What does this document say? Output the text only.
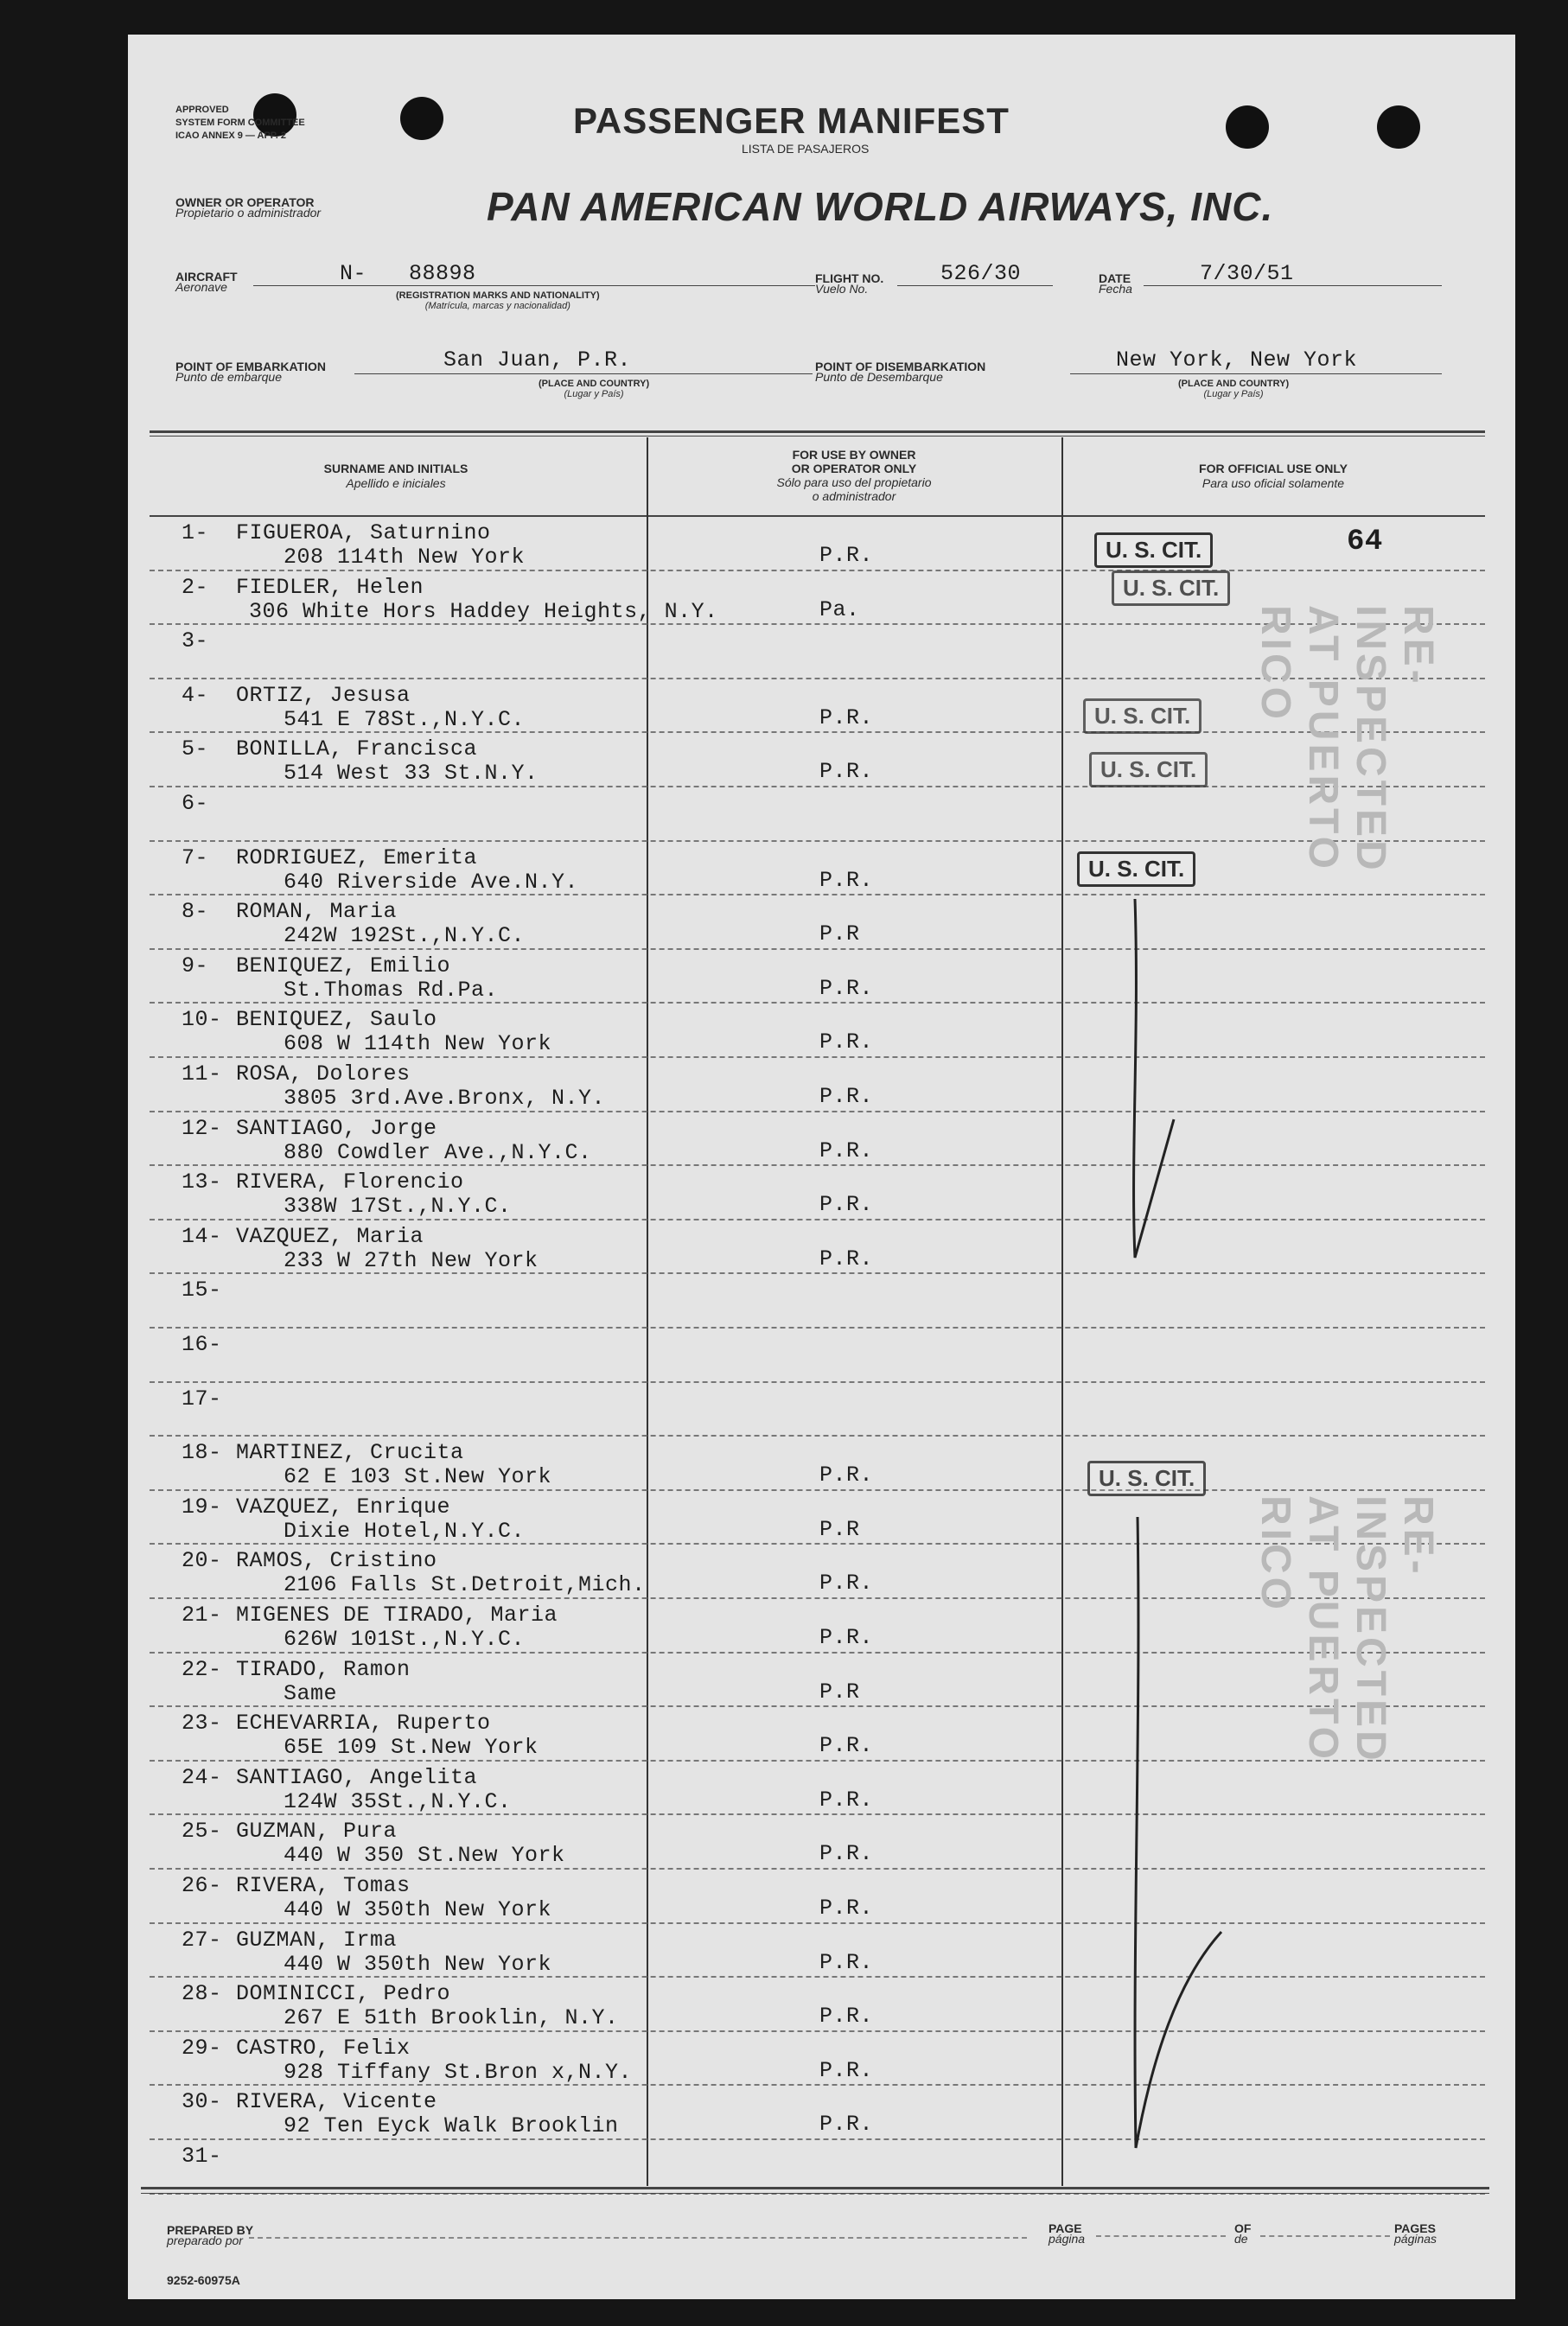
APPROVED
SYSTEM FORM COMMITTEE
ICAO ANNEX 9 — APP. 2	PASSENGER MANIFEST
LISTA DE PASAJEROS
OWNER OR OPERATOR
Propietario o administrador	PAN AMERICAN WORLD AIRWAYS, INC.
AIRCRAFT
Aeronave
N- 88898
(REGISTRATION MARKS AND NATIONALITY)
(Matrícula, marcas y nacionalidad)
FLIGHT NO.
Vuelo No.
526/30	DATE
Fecha
7/30/51
POINT OF EMBARKATION
Punto de embarque
San Juan, P.R.
(PLACE AND COUNTRY)
(Lugar y País)
POINT OF DISEMBARKATION
Punto de Desembarque
New York, New York
(PLACE AND COUNTRY)
(Lugar y País)
SURNAME AND INITIALS
Apellido e iniciales
FOR USE BY OWNER
OR OPERATOR ONLY
Sólo para uso del propietario
o administrador
FOR OFFICIAL USE ONLY
Para uso oficial solamente
1- FIGUEROA, Saturnino
208 114th New York	P.R.
2- FIEDLER, Helen
306 White Hors Haddey Heights, N.Y.	Pa.
3-
4- ORTIZ, Jesusa
541 E 78St.,N.Y.C.	P.R.
5- BONILLA, Francisca
514 West 33 St.N.Y.	P.R.
6-
7- RODRIGUEZ, Emerita
640 Riverside Ave.N.Y.	P.R.
8- ROMAN, Maria
242W 192St.,N.Y.C.	P.R
9- BENIQUEZ, Emilio
St.Thomas Rd.Pa.	P.R.
10- BENIQUEZ, Saulo
608 W 114th New York	P.R.
11- ROSA, Dolores
3805 3rd.Ave.Bronx, N.Y.	P.R.
12- SANTIAGO, Jorge
880 Cowdler Ave.,N.Y.C.	P.R.
13- RIVERA, Florencio
338W 17St.,N.Y.C.	P.R.
14- VAZQUEZ, Maria
233 W 27th New York	P.R.
15-
16-
17-
18- MARTINEZ, Crucita
62 E 103 St.New York	P.R.
19- VAZQUEZ, Enrique
Dixie Hotel,N.Y.C.	P.R
20- RAMOS, Cristino
2106 Falls St.Detroit,Mich.	P.R.
21- MIGENES DE TIRADO, Maria
626W 101St.,N.Y.C.	P.R.
22- TIRADO, Ramon
Same	P.R
23- ECHEVARRIA, Ruperto
65E 109 St.New York	P.R.
24- SANTIAGO, Angelita
124W 35St.,N.Y.C.	P.R.
25- GUZMAN, Pura
440 W 350 St.New York	P.R.
26- RIVERA, Tomas
440 W 350th New York	P.R.
27- GUZMAN, Irma
440 W 350th New York	P.R.
28- DOMINICCI, Pedro
267 E 51th Brooklin, N.Y.	P.R.
29- CASTRO, Felix
928 Tiffany St.Bron x,N.Y.	P.R.
30- RIVERA, Vicente
92 Ten Eyck Walk Brooklin	P.R.
31-
64
U. S. CIT.
U. S. CIT.
U. S. CIT.
U. S. CIT.
U. S. CIT.
U. S. CIT.
RE-INSPECTED AT PUERTO RICO
RE-INSPECTED AT PUERTO RICO
PREPARED BY
preparado por
PAGE
página
OF
de
PAGES
páginas
9252-60975A
